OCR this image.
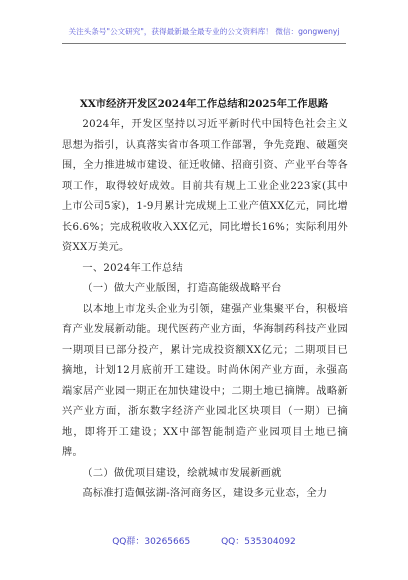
关注头条号"公文研究"，获得最新最全最专业的公文资料库！ 微信：gongwenyj
XX市经济开发区2024年工作总结和2025年工作思路

2024年，开发区坚持以习近平新时代中国特色社会主义思想为指引，认真落实省市各项工作部署，争先竞跑、破题突围，全力推进城市建设、征迁收储、招商引资、产业平台等各项工作，取得较好成效。目前共有规上工业企业223家(其中上市公司5家)，1-9月累计完成规上工业产值XX亿元，同比增长6.6%；完成税收收入XX亿元，同比增长16%；实际利用外资XX万美元。

一、2024年工作总结
（一）做大产业版图，打造高能级战略平台

以本地上市龙头企业为引领，建强产业集聚平台，积极培育产业发展新动能。现代医药产业方面，华海制药科技产业园一期项目已部分投产，累计完成投资额XX亿元；二期项目已摘地，计划12月底前开工建设。时尚休闲产业方面，永强高端家居产业园一期正在加快建设中；二期土地已摘牌。战略新兴产业方面，浙东数字经济产业园北区块项目（一期）已摘地，即将开工建设；XX中部智能制造产业园项目土地已摘牌。

（二）做优项目建设，绘就城市发展新画就

高标准打造佩弦湖-洛河商务区，建设多元业态，全力

QQ群：30265665	QQ：535304092
